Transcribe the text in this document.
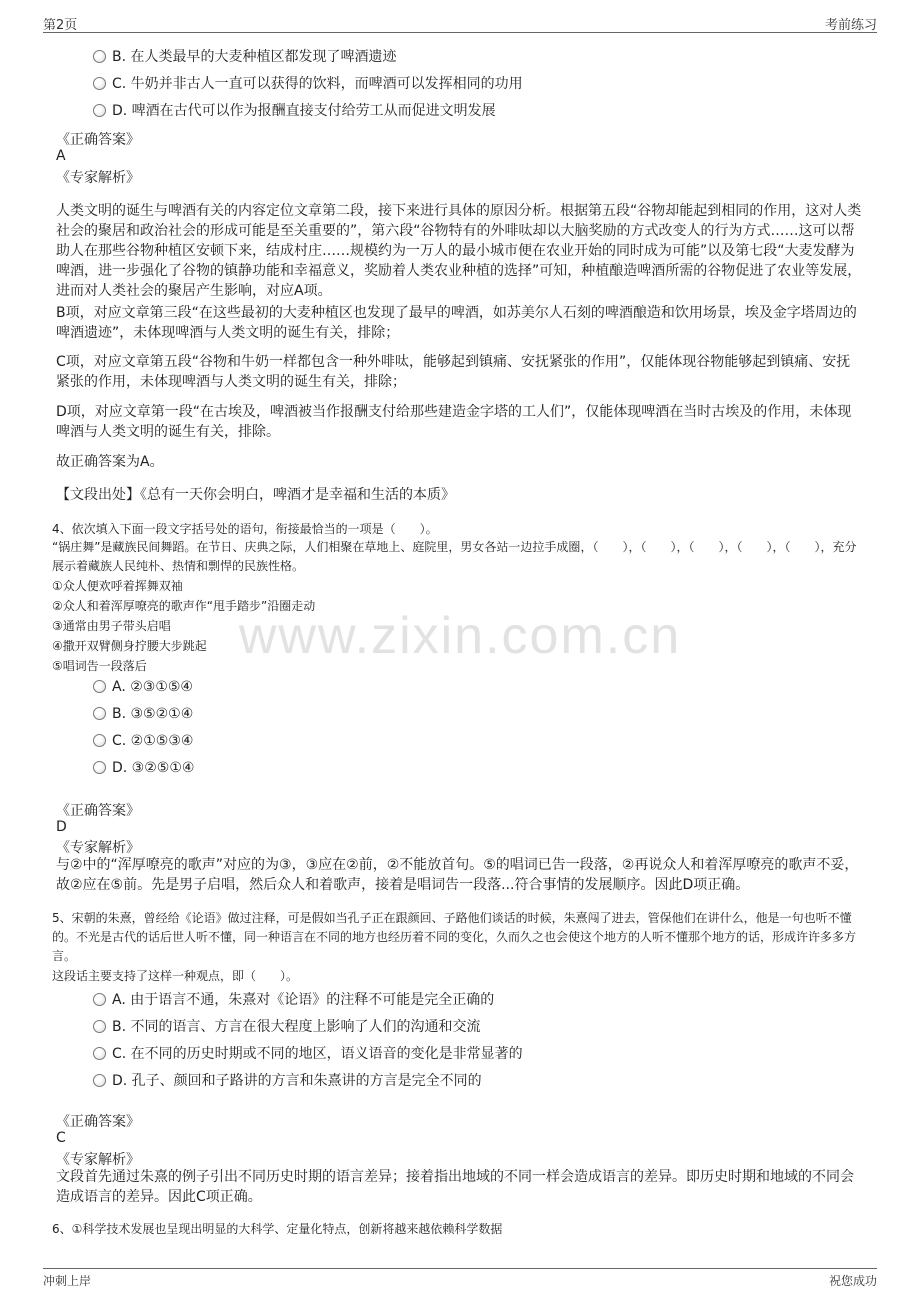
第2页	考前练习
www.zixin.com.cn
B. 在人类最早的大麦种植区都发现了啤酒遗迹
C. 牛奶并非古人一直可以获得的饮料，而啤酒可以发挥相同的功用
D. 啤酒在古代可以作为报酬直接支付给劳工从而促进文明发展
《正确答案》
A
《专家解析》
人类文明的诞生与啤酒有关的内容定位文章第二段，接下来进行具体的原因分析。根据第五段“谷物却能起到相同的作用，这对人类社会的聚居和政治社会的形成可能是至关重要的”，第六段“谷物特有的外啡呔却以大脑奖励的方式改变人的行为方式……这可以帮助人在那些谷物种植区安顿下来，结成村庄……规模约为一万人的最小城市便在农业开始的同时成为可能”以及第七段“大麦发酵为啤酒，进一步强化了谷物的镇静功能和幸福意义，奖励着人类农业种植的选择”可知，种植酿造啤酒所需的谷物促进了农业等发展，进而对人类社会的聚居产生影响，对应A项。
B项，对应文章第三段“在这些最初的大麦种植区也发现了最早的啤酒，如苏美尔人石刻的啤酒酿造和饮用场景，埃及金字塔周边的啤酒遗迹”，未体现啤酒与人类文明的诞生有关，排除；
C项，对应文章第五段“谷物和牛奶一样都包含一种外啡呔，能够起到镇痛、安抚紧张的作用”，仅能体现谷物能够起到镇痛、安抚紧张的作用，未体现啤酒与人类文明的诞生有关，排除；
D项，对应文章第一段“在古埃及，啤酒被当作报酬支付给那些建造金字塔的工人们”，仅能体现啤酒在当时古埃及的作用，未体现啤酒与人类文明的诞生有关，排除。
故正确答案为A。
【文段出处】《总有一天你会明白，啤酒才是幸福和生活的本质》
4、依次填入下面一段文字括号处的语句，衔接最恰当的一项是（　　）。
“锅庄舞”是藏族民间舞蹈。在节日、庆典之际，人们相聚在草地上、庭院里，男女各站一边拉手成圈，（　　），（　　），（　　），（　　），（　　），充分展示着藏族人民纯朴、热情和剽悍的民族性格。
①众人便欢呼着挥舞双袖
②众人和着浑厚嘹亮的歌声作“甩手踏步”沿圈走动
③通常由男子带头启唱
④撒开双臂侧身拧腰大步跳起
⑤唱词告一段落后
A. ②③①⑤④
B. ③⑤②①④
C. ②①⑤③④
D. ③②⑤①④
《正确答案》
D
《专家解析》
与②中的“浑厚嘹亮的歌声”对应的为③，③应在②前，②不能放首句。⑤的唱词已告一段落，②再说众人和着浑厚嘹亮的歌声不妥，故②应在⑤前。先是男子启唱，然后众人和着歌声，接着是唱词告一段落...符合事情的发展顺序。因此D项正确。
5、宋朝的朱熹，曾经给《论语》做过注释，可是假如当孔子正在跟颜回、子路他们谈话的时候，朱熹闯了进去，管保他们在讲什么，他是一句也听不懂的。不光是古代的话后世人听不懂，同一种语言在不同的地方也经历着不同的变化，久而久之也会使这个地方的人听不懂那个地方的话，形成许许多多方言。
这段话主要支持了这样一种观点，即（　　）。
A. 由于语言不通，朱熹对《论语》的注释不可能是完全正确的
B. 不同的语言、方言在很大程度上影响了人们的沟通和交流
C. 在不同的历史时期或不同的地区，语义语音的变化是非常显著的
D. 孔子、颜回和子路讲的方言和朱熹讲的方言是完全不同的
《正确答案》
C
《专家解析》
文段首先通过朱熹的例子引出不同历史时期的语言差异；接着指出地域的不同一样会造成语言的差异。即历史时期和地域的不同会造成语言的差异。因此C项正确。
6、①科学技术发展也呈现出明显的大科学、定量化特点，创新将越来越依赖科学数据
冲刺上岸	祝您成功
